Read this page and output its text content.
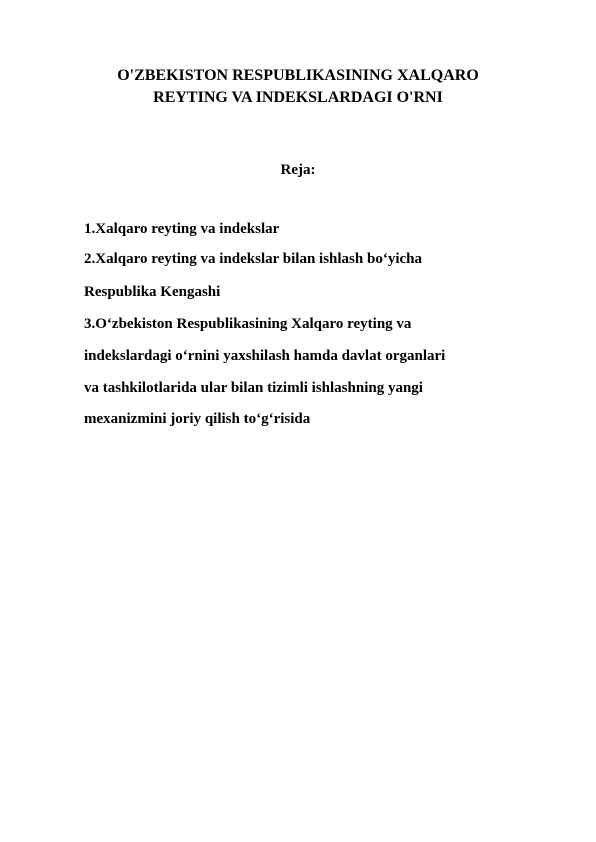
O'ZBEKISTON RESPUBLIKASINING XALQARO
REYTING VA INDEKSLARDAGI O'RNI

Reja:

1.Xalqaro reyting va indekslar

2.Xalqaro reyting va indekslar bilan ishlash bo‘yicha

Respublika Kengashi

3.O‘zbekiston Respublikasining Xalqaro reyting va

indekslardagi o‘rnini yaxshilash hamda davlat organlari

va tashkilotlarida ular bilan tizimli ishlashning yangi

mexanizmini joriy qilish to‘g‘risida
